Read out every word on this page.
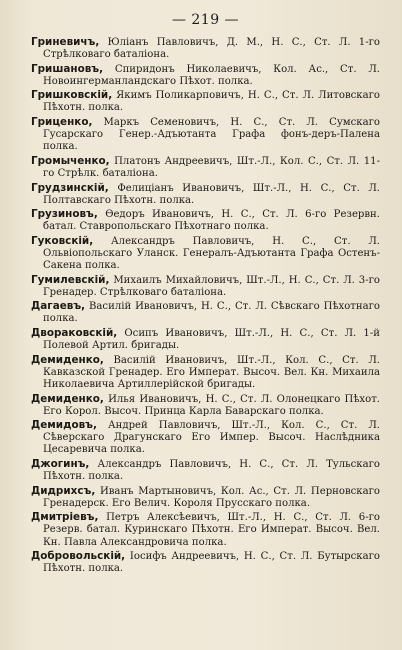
— 219 —

Гриневичъ, Юліанъ Павловичъ, Д. М., Н. С., Ст. Л. 1-го Стрѣлковаго баталіона.

Гришановъ, Спиридонъ Николаевичъ, Кол. Ас., Ст. Л. Новоингерманландскаго Пѣхот. полка.

Гришковскій, Якимъ Поликарповичъ, Н. С., Ст. Л. Литовскаго Пѣхотн. полка.

Гриценко, Маркъ Семеновичъ, Н. С., Ст. Л. Сумскаго Гусарскаго Генер.-Адъютанта Графа фонъ-деръ-Палена полка.

Громыченко, Платонъ Андреевичъ, Шт.-Л., Кол. С., Ст. Л. 11-го Стрѣлк. баталіона.

Грудзинскій, Фелиціанъ Ивановичъ, Шт.-Л., Н. С., Ст. Л. Полтавскаго Пѣхотн. полка.

Грузиновъ, Ѳедоръ Ивановичъ, Н. С., Ст. Л. 6-го Резервн. батал. Ставропольскаго Пѣхотнаго полка.

Гуковскій, Александръ Павловичъ, Н. С., Ст. Л. Ольвіопольскаго Уланск. Генералъ-Адъютанта Графа Остенъ-Сакена полка.

Гумилевскій, Михаилъ Михайловичъ, Шт.-Л., Н. С., Ст. Л. 3-го Гренадер. Стрѣлковаго баталіона.

Дагаевъ, Василій Ивановичъ, Н. С., Ст. Л. Сѣвскаго Пѣхотнаго полка.

Двораковскій, Осипъ Ивановичъ, Шт.-Л., Н. С., Ст. Л. 1-й Полевой Артил. бригады.

Демиденко, Василій Ивановичъ, Шт.-Л., Кол. С., Ст. Л. Кавказской Гренадер. Его Императ. Высоч. Вел. Кн. Михаила Николаевича Артиллерійской бригады.

Демиденко, Илья Ивановичъ, Н. С., Ст. Л. Олонецкаго Пѣхот. Его Корол. Высоч. Принца Карла Баварскаго полка.

Демидовъ, Андрей Павловичъ, Шт.-Л., Кол. С., Ст. Л. Сѣверскаго Драгунскаго Его Импер. Высоч. Наслѣдника Цесаревича полка.

Джогинъ, Александръ Павловичъ, Н. С., Ст. Л. Тульскаго Пѣхотн. полка.

Дидрихсъ, Иванъ Мартыновичъ, Кол. Ас., Ст. Л. Перновскаго Гренадерск. Его Велич. Короля Прусскаго полка.

Дмитріевъ, Петръ Алексѣевичъ, Шт.-Л., Н. С., Ст. Л. 6-го Резерв. батал. Куринскаго Пѣхотн. Его Императ. Высоч. Вел. Кн. Павла Александровича полка.

Добровольскій, Іосифъ Андреевичъ, Н. С., Ст. Л. Бутырскаго Пѣхотн. полка.
